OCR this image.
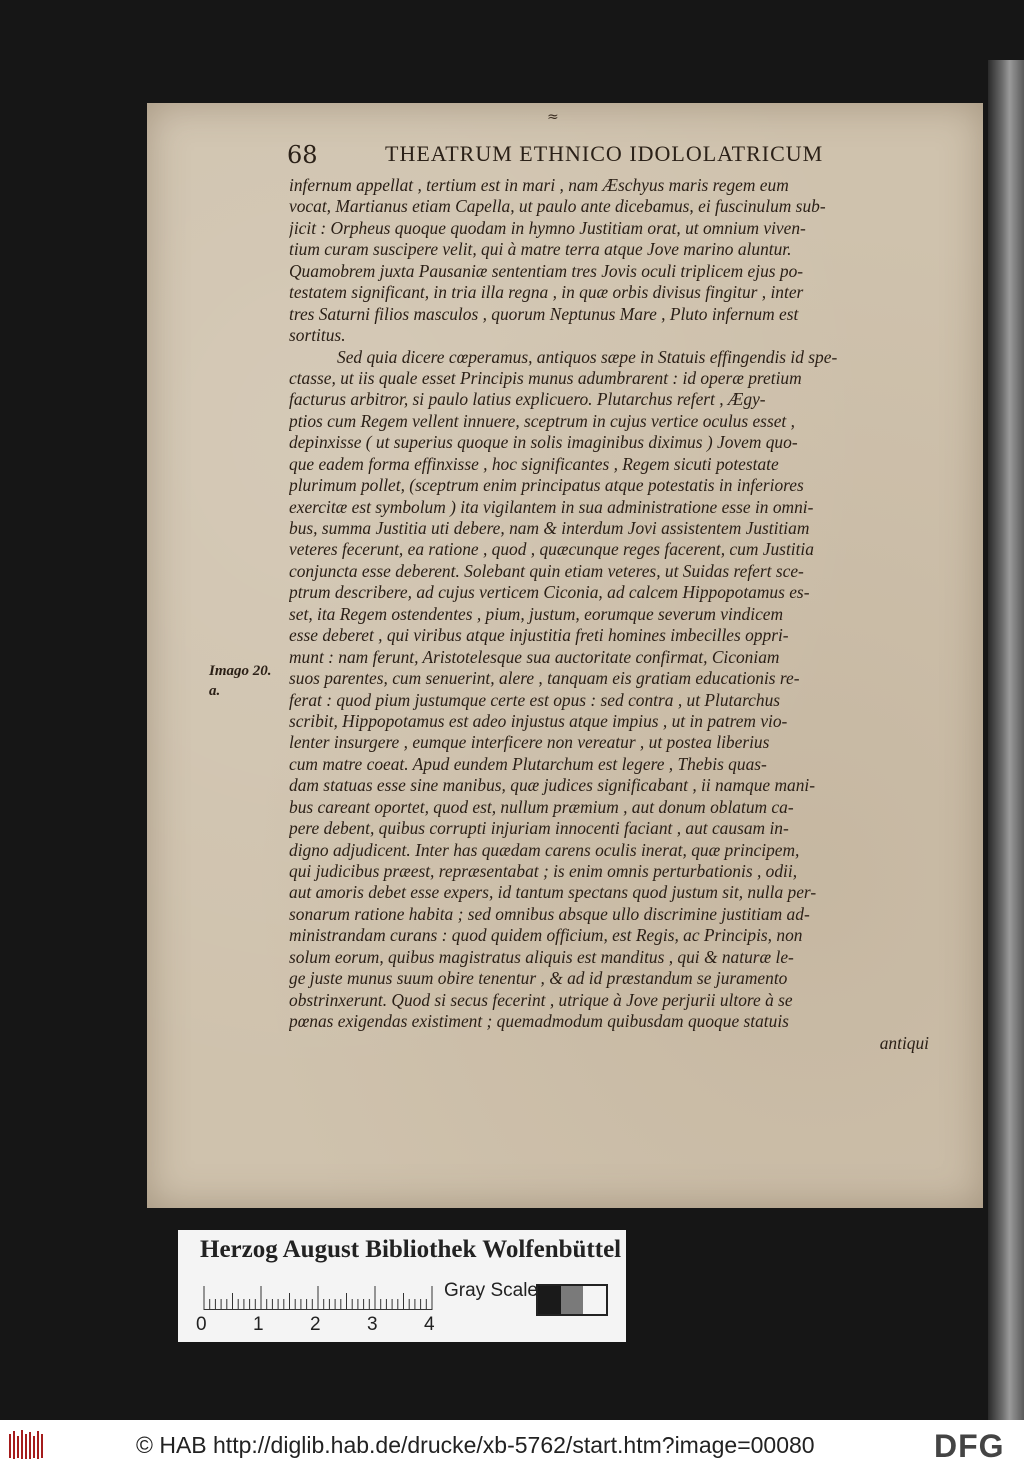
≈
68	THEATRUM ETHNICO IDOLOLATRICUM
Imago 20.
a.
infernum appellat , tertium est in mari , nam Æschyus maris regem eum
vocat, Martianus etiam Capella, ut paulo ante dicebamus, ei fuscinulum sub-
jicit : Orpheus quoque quodam in hymno Justitiam orat, ut omnium viven-
tium curam suscipere velit, qui à matre terra atque Jove marino aluntur.
Quamobrem juxta Pausaniæ sententiam tres Jovis oculi triplicem ejus po-
testatem significant, in tria illa regna , in quæ orbis divisus fingitur , inter
tres Saturni filios masculos , quorum Neptunus Mare , Pluto infernum est
sortitus.
Sed quia dicere cœperamus, antiquos sæpe in Statuis effingendis id spe-
ctasse, ut iis quale esset Principis munus adumbrarent : id operæ pretium
facturus arbitror, si paulo latius explicuero. Plutarchus refert , Ægy-
ptios cum Regem vellent innuere, sceptrum in cujus vertice oculus esset ,
depinxisse ( ut superius quoque in solis imaginibus diximus ) Jovem quo-
que eadem forma effinxisse , hoc significantes , Regem sicuti potestate
plurimum pollet, (sceptrum enim principatus atque potestatis in inferiores
exercitæ est symbolum ) ita vigilantem in sua administratione esse in omni-
bus, summa Justitia uti debere, nam & interdum Jovi assistentem Justitiam
veteres fecerunt, ea ratione , quod , quæcunque reges facerent, cum Justitia
conjuncta esse deberent. Solebant quin etiam veteres, ut Suidas refert sce-
ptrum describere, ad cujus verticem Ciconia, ad calcem Hippopotamus es-
set, ita Regem ostendentes , pium, justum, eorumque severum vindicem
esse deberet , qui viribus atque injustitia freti homines imbecilles oppri-
munt : nam ferunt, Aristotelesque sua auctoritate confirmat, Ciconiam
suos parentes, cum senuerint, alere , tanquam eis gratiam educationis re-
ferat : quod pium justumque certe est opus : sed contra , ut Plutarchus
scribit, Hippopotamus est adeo injustus atque impius , ut in patrem vio-
lenter insurgere , eumque interficere non vereatur , ut postea liberius
cum matre coeat. Apud eundem Plutarchum est legere , Thebis quas-
dam statuas esse sine manibus, quæ judices significabant , ii namque mani-
bus careant oportet, quod est, nullum præmium , aut donum oblatum ca-
pere debent, quibus corrupti injuriam innocenti faciant , aut causam in-
digno adjudicent. Inter has quædam carens oculis inerat, quæ principem,
qui judicibus præest, repræsentabat ; is enim omnis perturbationis , odii,
aut amoris debet esse expers, id tantum spectans quod justum sit, nulla per-
sonarum ratione habita ; sed omnibus absque ullo discrimine justitiam ad-
ministrandam curans : quod quidem officium, est Regis, ac Principis, non
solum eorum, quibus magistratus aliquis est manditus , qui & naturæ le-
ge juste munus suum obire tenentur , & ad id præstandum se juramento
obstrinxerunt. Quod si secus fecerint , utrique à Jove perjurii ultore à se
pœnas exigendas existiment ; quemadmodum quibusdam quoque statuis
antiqui
Herzog August Bibliothek Wolfenbüttel
0 1 2 3 4
Gray Scale
© HAB http://diglib.hab.de/drucke/xb-5762/start.htm?image=00080	DFG
